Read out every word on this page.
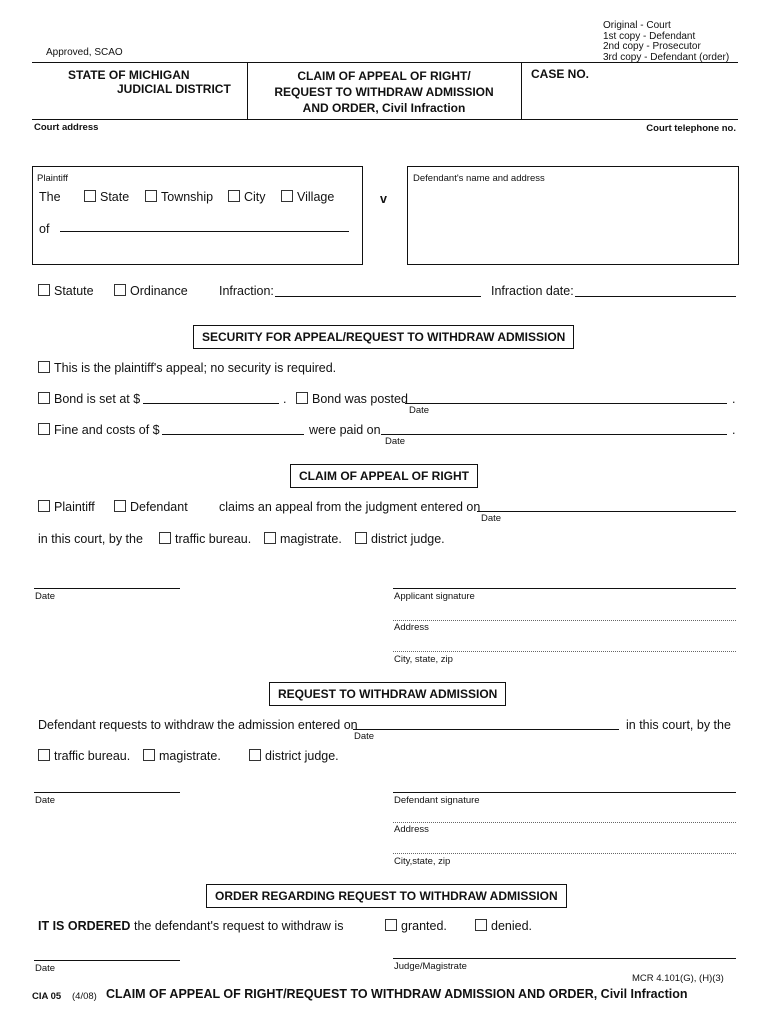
Original - Court
1st copy - Defendant
2nd copy - Prosecutor
3rd copy - Defendant (order)
Approved, SCAO
STATE OF MICHIGAN
JUDICIAL DISTRICT
CLAIM OF APPEAL OF RIGHT/
REQUEST TO WITHDRAW ADMISSION
AND ORDER, Civil Infraction
CASE NO.
Court address	Court telephone no.
Plaintiff
The	State	Township	City	Village
of
v
Defendant's name and address
Statute	Ordinance	Infraction:	Infraction date:
SECURITY FOR APPEAL/REQUEST TO WITHDRAW ADMISSION
This is the plaintiff's appeal; no security is required.
Bond is set at $	.	Bond was posted	.
Date
Fine and costs of $	were paid on	.
Date
CLAIM OF APPEAL OF RIGHT
Plaintiff	Defendant	claims an appeal from the judgment entered on
Date
in this court, by the	traffic bureau.	magistrate.	district judge.
Date	Applicant signature
Address
City, state, zip
REQUEST TO WITHDRAW ADMISSION
Defendant requests to withdraw the admission entered on
Date
in this court, by the
traffic bureau.	magistrate.	district judge.
Date	Defendant signature
Address
City,state, zip
ORDER REGARDING REQUEST TO WITHDRAW ADMISSION
IT IS ORDERED the defendant's request to withdraw is	granted.	denied.
Date	Judge/Magistrate
MCR 4.101(G), (H)(3)
CIA 05 (4/08) CLAIM OF APPEAL OF RIGHT/REQUEST TO WITHDRAW ADMISSION AND ORDER, Civil Infraction
